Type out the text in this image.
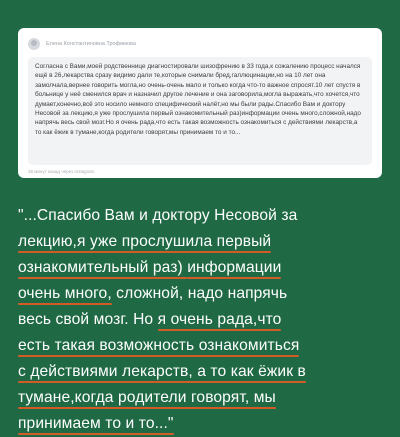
Елена Константиновна Трофимова
Согласна с Вами,моей родственнице диагностировали шизофрению в 33 года,к сожалению процесс начался ещё в 26,лекарства сразу видимо дали те,которые снимали бред,галлюцинации,но на 10 лет она замолчала,вернее говорить могла,но очень-очень мало и только когда что-то важное спросят.10 лет спустя в больнице у неё сменился врач и назначил другое лечение и она заговорила,могла выражать,что хочется,что думает,конечно,всё это носило немного специфический налёт,но мы были рады.Спасибо Вам и доктору Несовой за лекцию,я уже прослушила первый ознакомительный раз)информации очень много,сложной,надо напрячь весь свой мозг.Но я очень рада,что есть такая возможность ознакомиться с действиями лекарств,а то как ёжик в тумане,когда родители говорят,мы принимаем то и то...
38 минут назад через Instagram
"...Спасибо Вам и доктору Несовой за
лекцию,я уже прослушила первый
ознакомительный раз) информации
очень много, сложной, надо напрячь
весь свой мозг. Но я очень рада,что
есть такая возможность ознакомиться
с действиями лекарств, а то как ёжик в
тумане,когда родители говорят, мы
принимаем то и то..."
